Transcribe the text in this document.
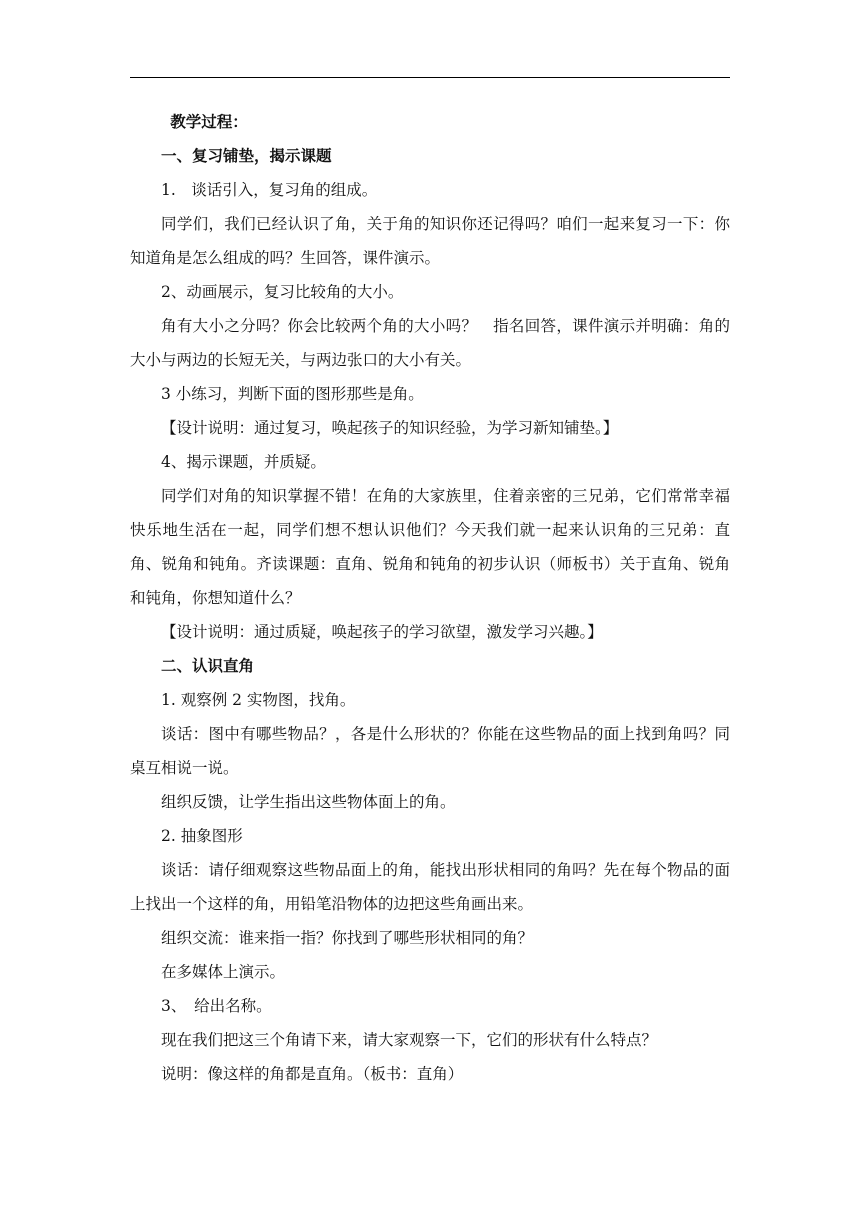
教学过程：

一、复习铺垫，揭示课题

1.　谈话引入，复习角的组成。

同学们，我们已经认识了角，关于角的知识你还记得吗？咱们一起来复习一下：你知道角是怎么组成的吗？生回答，课件演示。

2、动画展示，复习比较角的大小。

角有大小之分吗？你会比较两个角的大小吗？　指名回答，课件演示并明确：角的大小与两边的长短无关，与两边张口的大小有关。

3 小练习，判断下面的图形那些是角。

【设计说明：通过复习，唤起孩子的知识经验，为学习新知铺垫。】

4、揭示课题，并质疑。

同学们对角的知识掌握不错！在角的大家族里，住着亲密的三兄弟，它们常常幸福快乐地生活在一起，同学们想不想认识他们？今天我们就一起来认识角的三兄弟：直角、锐角和钝角。齐读课题：直角、锐角和钝角的初步认识（师板书）关于直角、锐角和钝角，你想知道什么？

【设计说明：通过质疑，唤起孩子的学习欲望，激发学习兴趣。】

二、认识直角

1. 观察例 2 实物图，找角。

谈话：图中有哪些物品？，各是什么形状的？你能在这些物品的面上找到角吗？同桌互相说一说。

组织反馈，让学生指出这些物体面上的角。

2. 抽象图形

谈话：请仔细观察这些物品面上的角，能找出形状相同的角吗？先在每个物品的面上找出一个这样的角，用铅笔沿物体的边把这些角画出来。

组织交流：谁来指一指？你找到了哪些形状相同的角？

在多媒体上演示。

3、　给出名称。

现在我们把这三个角请下来，请大家观察一下，它们的形状有什么特点？

说明：像这样的角都是直角。（板书：直角）
